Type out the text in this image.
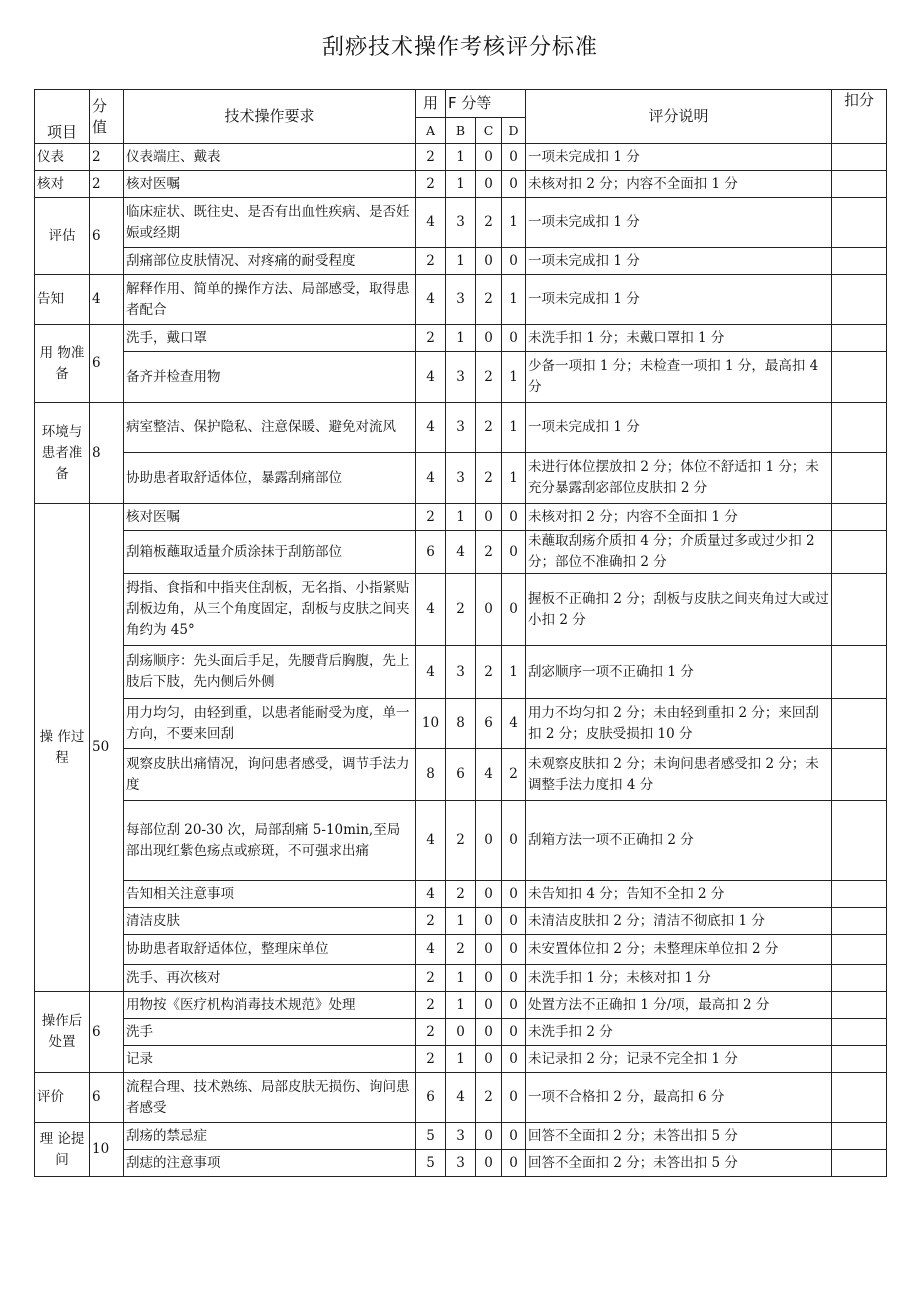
刮痧技术操作考核评分标准
项目	分值	技术操作要求	用	F 分等			评分说明	扣分
			A	B	C	D		
仪表	2	仪表端庄、戴表	2	1	0	0	一项未完成扣 1 分	
核对	2	核对医嘱	2	1	0	0	未核对扣 2 分；内容不全面扣 1 分	
评估	6	临床症状、既往史、是否有出血性疾病、是否妊娠或经期	4	3	2	1	一项未完成扣 1 分	
		刮痛部位皮肤情况、对疼痛的耐受程度	2	1	0	0	一项未完成扣 1 分	
告知	4	解释作用、简单的操作方法、局部感受，取得患者配合	4	3	2	1	一项未完成扣 1 分	
用 物准备	6	洗手，戴口罩	2	1	0	0	未洗手扣 1 分；未戴口罩扣 1 分	
		备齐并检查用物	4	3	2	1	少备一项扣 1 分；未检查一项扣 1 分，最高扣 4 分	
环境与患者准备	8	病室整洁、保护隐私、注意保暖、避免对流风	4	3	2	1	一项未完成扣 1 分	
		协助患者取舒适体位，暴露刮痛部位	4	3	2	1	未进行体位摆放扣 2 分；体位不舒适扣 1 分；未充分暴露刮宓部位皮肤扣 2 分	
操 作过程	50	核对医嘱	2	1	0	0	未核对扣 2 分；内容不全面扣 1 分	
		刮箱板蘸取适量介质涂抹于刮筋部位	6	4	2	0	未蘸取刮疡介质扣 4 分；介质量过多或过少扣 2 分；部位不准确扣 2 分	
		拇指、食指和中指夹住刮板，无名指、小指紧贴刮板边角，从三个角度固定，刮板与皮肤之间夹角约为 45°	4	2	0	0	握板不正确扣 2 分；刮板与皮肤之间夹角过大或过小扣 2 分	
		刮疡顺序：先头面后手足，先腰背后胸腹，先上肢后下肢，先内侧后外侧	4	3	2	1	刮宓顺序一项不正确扣 1 分	
		用力均匀，由轻到重，以患者能耐受为度，单一方向，不要来回刮	10	8	6	4	用力不均匀扣 2 分；未由轻到重扣 2 分；来回刮扣 2 分；皮肤受损扣 10 分	
		观察皮肤出痛情况，询问患者感受，调节手法力度	8	6	4	2	未观察皮肤扣 2 分；未询问患者感受扣 2 分；未调整手法力度扣 4 分	
		每部位刮 20-30 次，局部刮痛 5-10min,至局部出现红紫色疡点或瘀斑，不可强求出痛	4	2	0	0	刮箱方法一项不正确扣 2 分	
		告知相关注意事项	4	2	0	0	未告知扣 4 分；告知不全扣 2 分	
		清洁皮肤	2	1	0	0	未清洁皮肤扣 2 分；清洁不彻底扣 1 分	
		协助患者取舒适体位，整理床单位	4	2	0	0	未安置体位扣 2 分；未整理床单位扣 2 分	
		洗手、再次核对	2	1	0	0	未洗手扣 1 分；未核对扣 1 分	
操作后处置	6	用物按《医疗机构消毒技术规范》处理	2	1	0	0	处置方法不正确扣 1 分/项，最高扣 2 分	
		洗手	2	0	0	0	未洗手扣 2 分	
		记录	2	1	0	0	未记录扣 2 分；记录不完全扣 1 分	
评价	6	流程合理、技术熟练、局部皮肤无损伤、询问患者感受	6	4	2	0	一项不合格扣 2 分，最高扣 6 分	
理 论提问	10	刮疡的禁忌症	5	3	0	0	回答不全面扣 2 分；未答出扣 5 分	
		刮痣的注意事项	5	3	0	0	回答不全面扣 2 分；未答出扣 5 分	
